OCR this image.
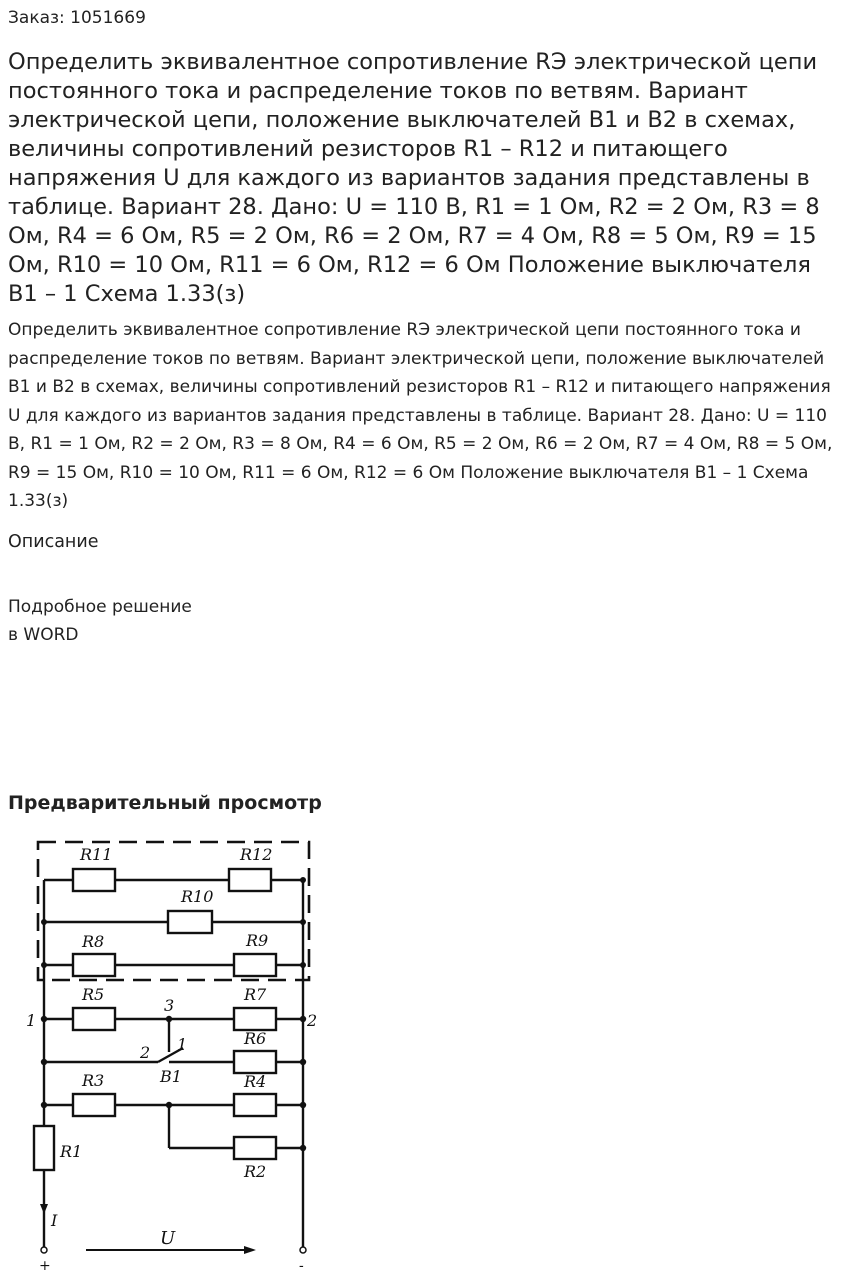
Заказ: 1051669
Определить эквивалентное сопротивление RЭ электрической цепи постоянного тока и распределение токов по ветвям. Вариант электрической цепи, положение выключателей B1 и B2 в схемах, величины сопротивлений резисторов R1 – R12 и питающего напряжения U для каждого из вариантов задания представлены в таблице. Вариант 28. Дано: U = 110 В, R1 = 1 Ом, R2 = 2 Ом, R3 = 8 Ом, R4 = 6 Ом, R5 = 2 Ом, R6 = 2 Ом, R7 = 4 Ом, R8 = 5 Ом, R9 = 15 Ом, R10 = 10 Ом, R11 = 6 Ом, R12 = 6 Ом Положение выключателя B1 – 1 Схема 1.33(з)

Определить эквивалентное сопротивление RЭ электрической цепи постоянного тока и распределение токов по ветвям. Вариант электрической цепи, положение выключателей B1 и B2 в схемах, величины сопротивлений резисторов R1 – R12 и питающего напряжения U для каждого из вариантов задания представлены в таблице. Вариант 28. Дано: U = 110 В, R1 = 1 Ом, R2 = 2 Ом, R3 = 8 Ом, R4 = 6 Ом, R5 = 2 Ом, R6 = 2 Ом, R7 = 4 Ом, R8 = 5 Ом, R9 = 15 Ом, R10 = 10 Ом, R11 = 6 Ом, R12 = 6 Ом Положение выключателя B1 – 1 Схема 1.33(з)

Описание
Подробное решение
в WORD
Предварительный просмотр
R11	R12
R10
R8	R9
R5	R7
3
R6
2 1
B1
R3	R4
R2
R1
1	2
I
U
+	-
